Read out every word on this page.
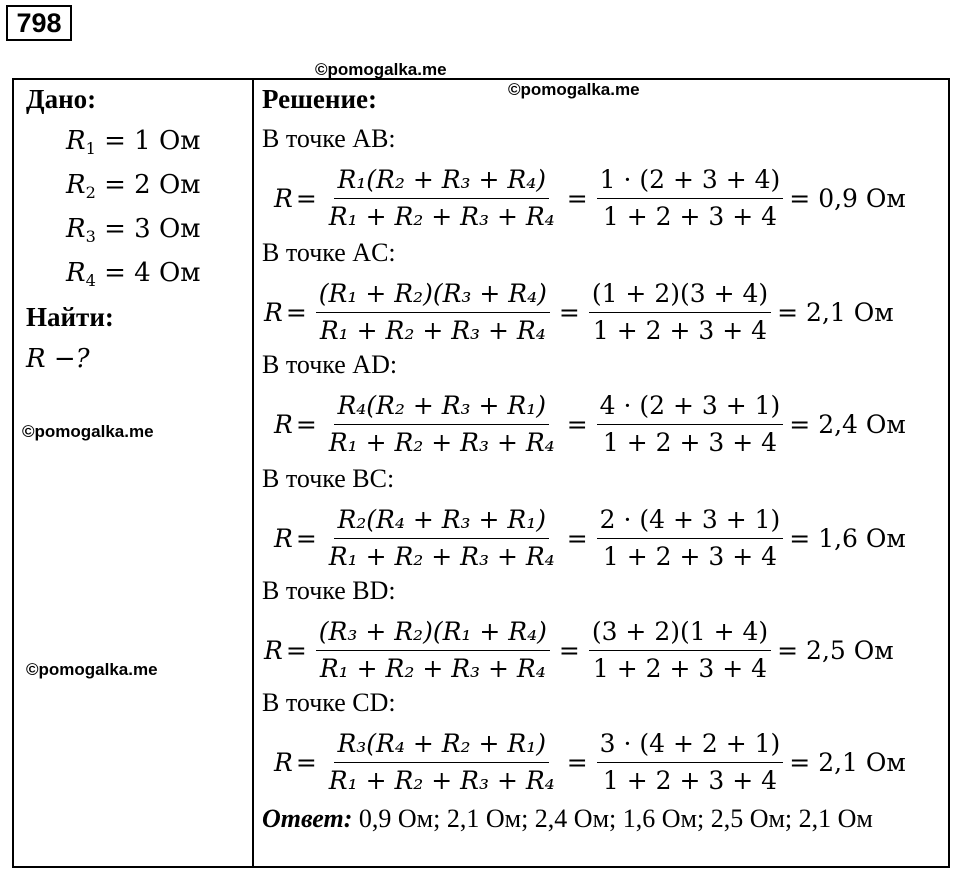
798
©pomogalka.me
©pomogalka.me
©pomogalka.me
©pomogalka.me
Дано:
$R_1 = 1$ Ом
$R_2 = 2$ Ом
$R_3 = 3$ Ом
$R_4 = 4$ Ом
Найти:
R −?
Решение:
В точке AB:
$R = \frac{\text{R₁(R₂ + R₃ + R₄)}}{\text{R₁ + R₂ + R₃ + R₄}} = \frac{1 \cdot (2 + 3 + 4)}{1 + 2 + 3 + 4} = 0,9$ Ом
В точке AC:
$R = \frac{\text{(R₁ + R₂)(R₃ + R₄)}}{\text{R₁ + R₂ + R₃ + R₄}} = \frac{(1 + 2)(3 + 4)}{1 + 2 + 3 + 4} = 2,1$ Ом
В точке AD:
$R = \frac{\text{R₄(R₂ + R₃ + R₁)}}{\text{R₁ + R₂ + R₃ + R₄}} = \frac{4 \cdot (2 + 3 + 1)}{1 + 2 + 3 + 4} = 2,4$ Ом
В точке BC:
$R = \frac{\text{R₂(R₄ + R₃ + R₁)}}{\text{R₁ + R₂ + R₃ + R₄}} = \frac{2 \cdot (4 + 3 + 1)}{1 + 2 + 3 + 4} = 1,6$ Ом
В точке BD:
$R = \frac{\text{(R₃ + R₂)(R₁ + R₄)}}{\text{R₁ + R₂ + R₃ + R₄}} = \frac{(3 + 2)(1 + 4)}{1 + 2 + 3 + 4} = 2,5$ Ом
В точке CD:
$R = \frac{\text{R₃(R₄ + R₂ + R₁)}}{\text{R₁ + R₂ + R₃ + R₄}} = \frac{3 \cdot (4 + 2 + 1)}{1 + 2 + 3 + 4} = 2,1$ Ом
Ответ: 0,9 Ом; 2,1 Ом; 2,4 Ом; 1,6 Ом; 2,5 Ом; 2,1 Ом
